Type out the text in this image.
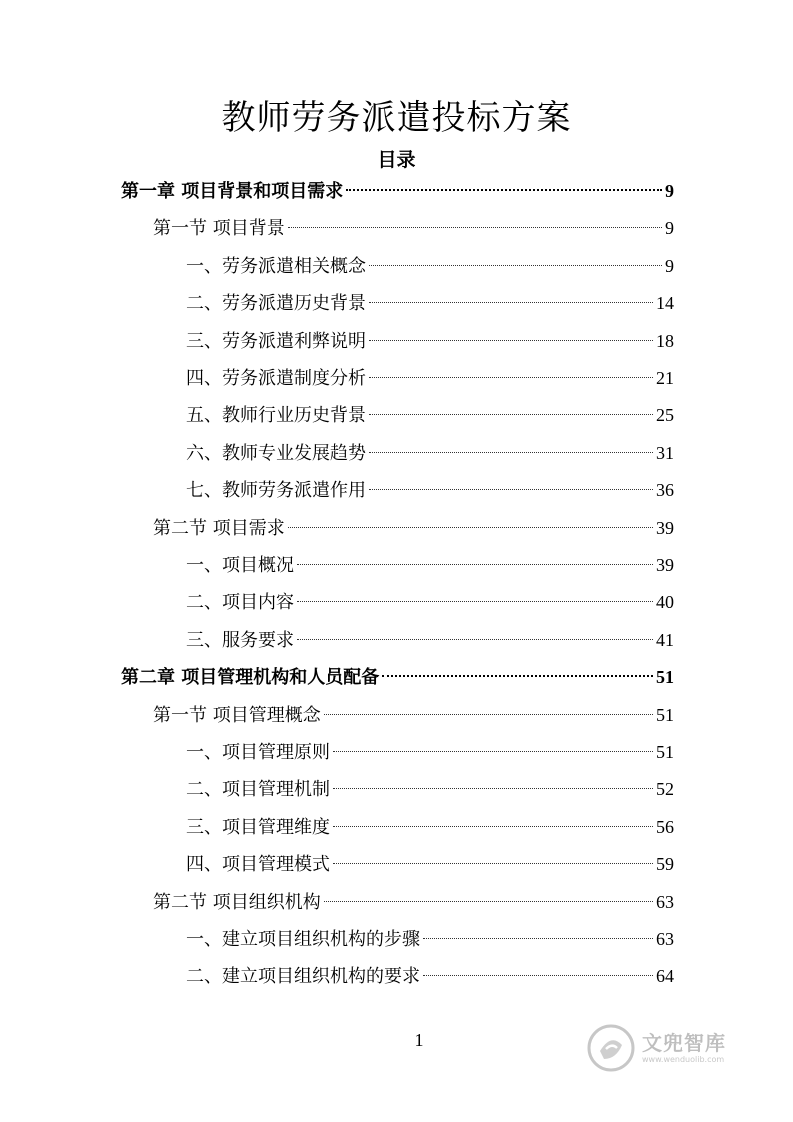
教师劳务派遣投标方案
目录
第一章 项目背景和项目需求	9
第一节 项目背景	9
一、劳务派遣相关概念	9
二、劳务派遣历史背景	14
三、劳务派遣利弊说明	18
四、劳务派遣制度分析	21
五、教师行业历史背景	25
六、教师专业发展趋势	31
七、教师劳务派遣作用	36
第二节 项目需求	39
一、项目概况	39
二、项目内容	40
三、服务要求	41
第二章 项目管理机构和人员配备	51
第一节 项目管理概念	51
一、项目管理原则	51
二、项目管理机制	52
三、项目管理维度	56
四、项目管理模式	59
第二节 项目组织机构	63
一、建立项目组织机构的步骤	63
二、建立项目组织机构的要求	64
1	文兜智库
www.wenduolib.com
